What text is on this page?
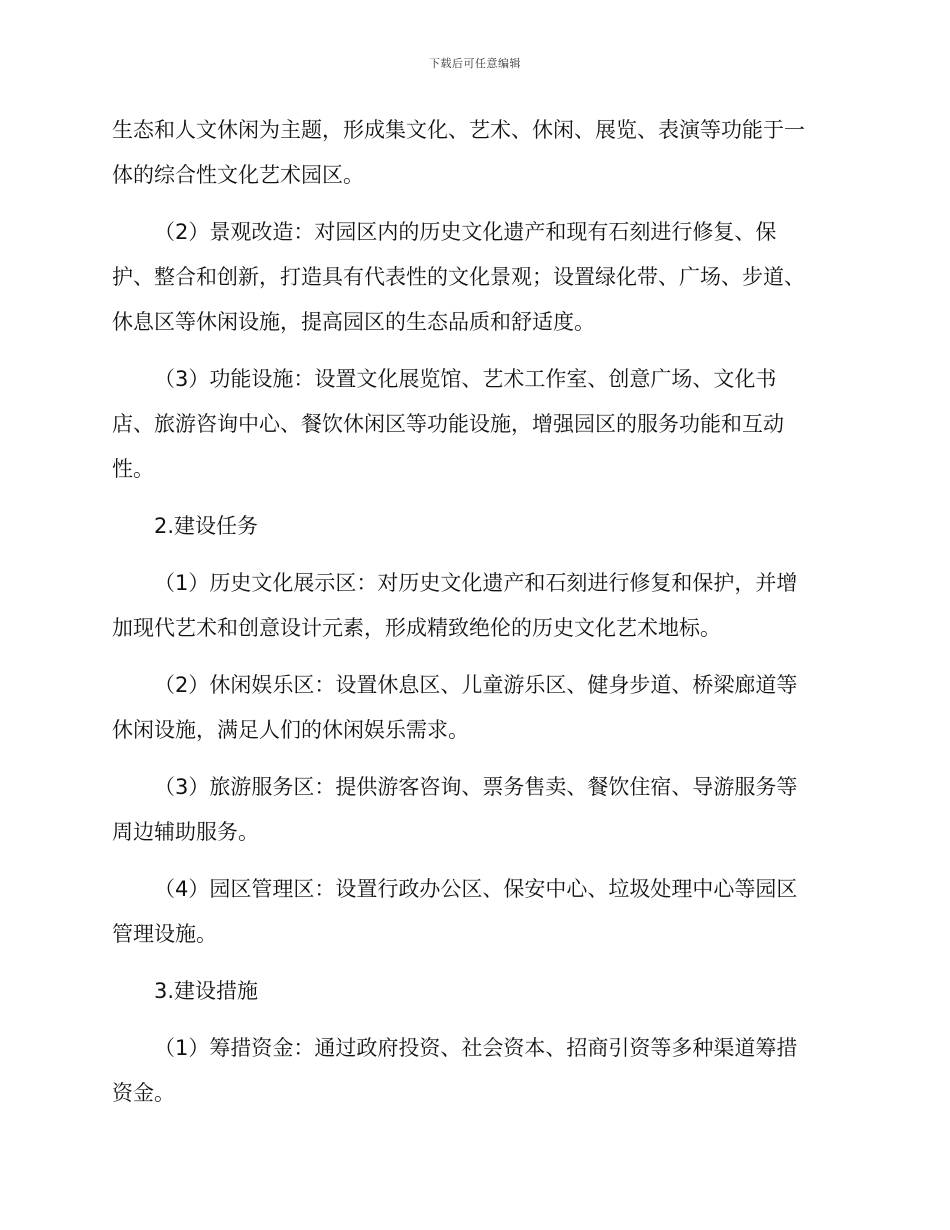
下载后可任意编辑
生态和人文休闲为主题，形成集文化、艺术、休闲、展览、表演等功能于一
体的综合性文化艺术园区。
（2）景观改造：对园区内的历史文化遗产和现有石刻进行修复、保
护、整合和创新，打造具有代表性的文化景观；设置绿化带、广场、步道、
休息区等休闲设施，提高园区的生态品质和舒适度。
（3）功能设施：设置文化展览馆、艺术工作室、创意广场、文化书
店、旅游咨询中心、餐饮休闲区等功能设施，增强园区的服务功能和互动
性。
2.建设任务
（1）历史文化展示区：对历史文化遗产和石刻进行修复和保护，并增
加现代艺术和创意设计元素，形成精致绝伦的历史文化艺术地标。
（2）休闲娱乐区：设置休息区、儿童游乐区、健身步道、桥梁廊道等
休闲设施，满足人们的休闲娱乐需求。
（3）旅游服务区：提供游客咨询、票务售卖、餐饮住宿、导游服务等
周边辅助服务。
（4）园区管理区：设置行政办公区、保安中心、垃圾处理中心等园区
管理设施。
3.建设措施
（1）筹措资金：通过政府投资、社会资本、招商引资等多种渠道筹措
资金。
